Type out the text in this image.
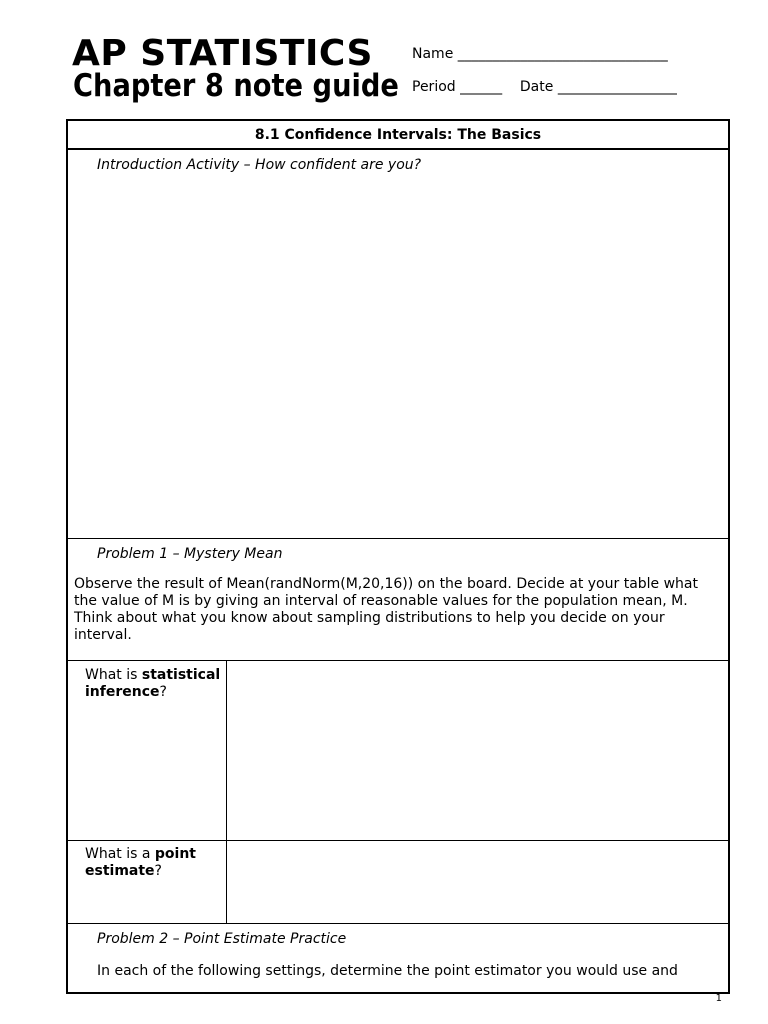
AP STATISTICS
Chapter 8 note guide
Name ______________________________
Period ______    Date _________________
8.1 Confidence Intervals: The Basics
Introduction Activity – How confident are you?
Problem 1 – Mystery Mean
Observe the result of Mean(randNorm(M,20,16)) on the board. Decide at your table what the value of M is by giving an interval of reasonable values for the population mean, M. Think about what you know about sampling distributions to help you decide on your interval.
What is statistical inference?
What is a point estimate?
Problem 2 – Point Estimate Practice
In each of the following settings, determine the point estimator you would use and
1
